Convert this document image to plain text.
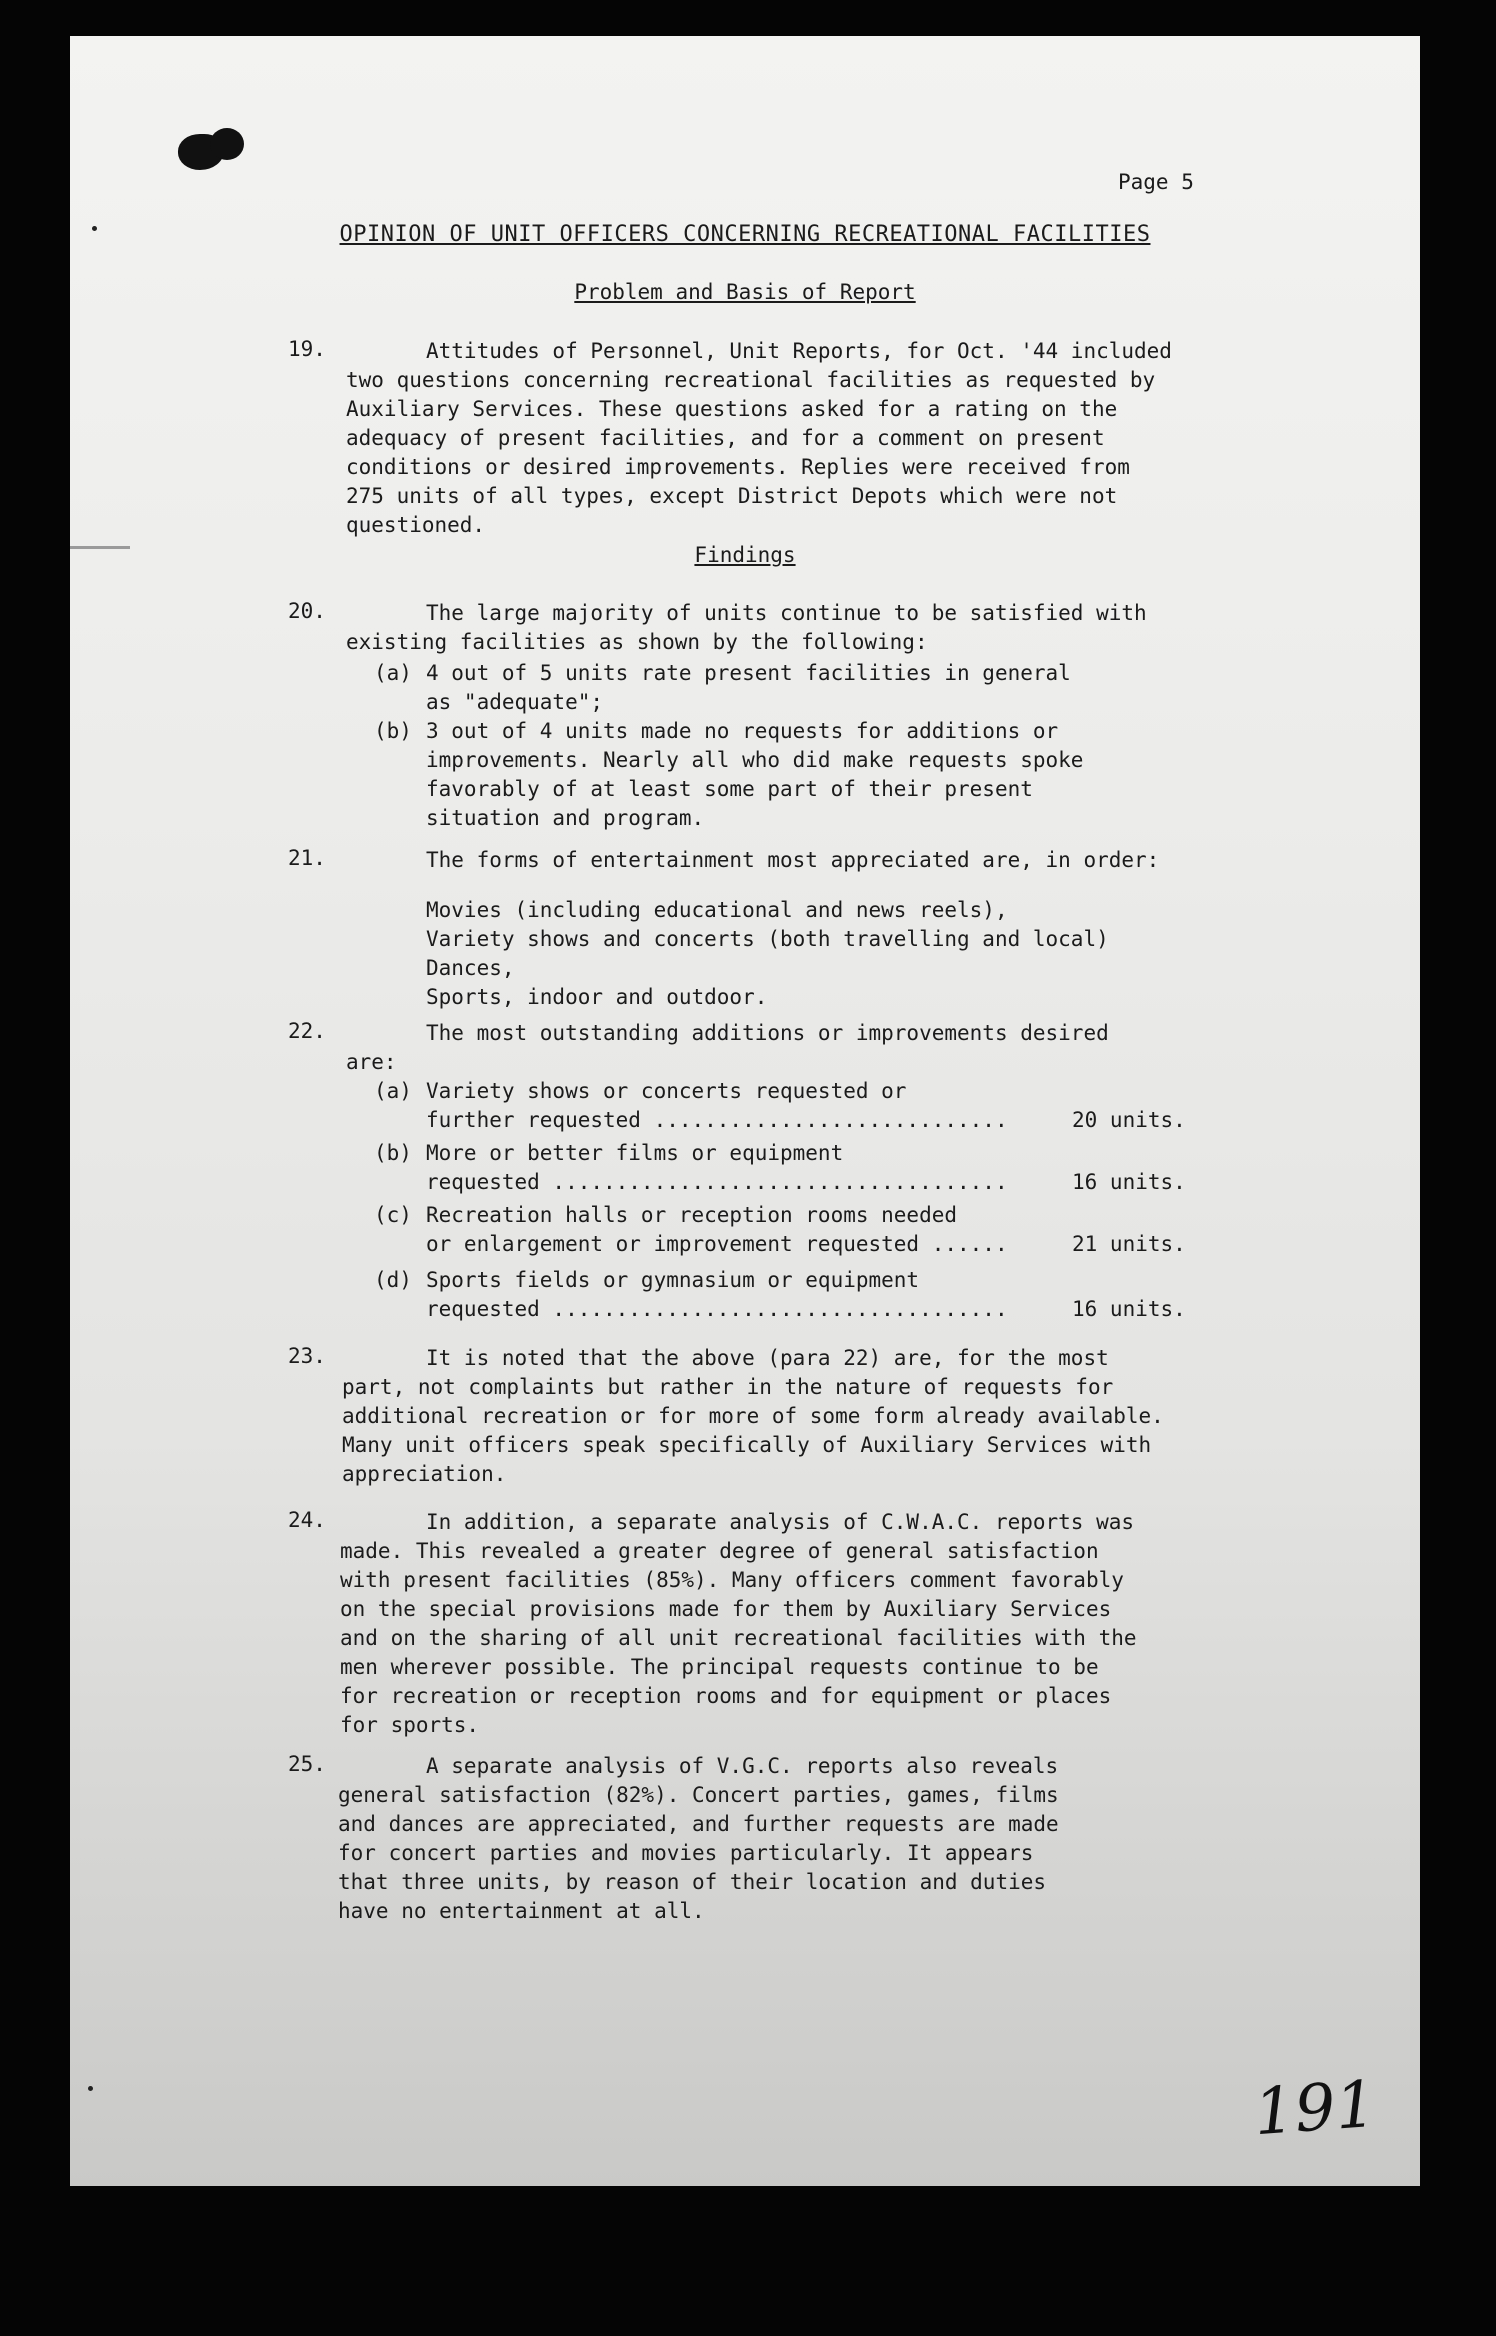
Page 5
OPINION OF UNIT OFFICERS CONCERNING RECREATIONAL FACILITIES
Problem and Basis of Report
19.	Attitudes of Personnel, Unit Reports, for Oct. '44 included
two questions concerning recreational facilities as requested by
Auxiliary Services. These questions asked for a rating on the
adequacy of present facilities, and for a comment on present
conditions or desired improvements. Replies were received from
275 units of all types, except District Depots which were not
questioned.
Findings
20.	The large majority of units continue to be satisfied with
existing facilities as shown by the following:
(a) 4 out of 5 units rate present facilities in general
as "adequate";
(b) 3 out of 4 units made no requests for additions or
improvements. Nearly all who did make requests spoke
favorably of at least some part of their present
situation and program.
21.	The forms of entertainment most appreciated are, in order:
Movies (including educational and news reels),
Variety shows and concerts (both travelling and local)
Dances,
Sports, indoor and outdoor.
22.	The most outstanding additions or improvements desired
are:
(a) Variety shows or concerts requested or
further requested ............................	20 units.
(b) More or better films or equipment
requested ....................................	16 units.
(c) Recreation halls or reception rooms needed
or enlargement or improvement requested ......	21 units.
(d) Sports fields or gymnasium or equipment
requested ....................................	16 units.
23.	It is noted that the above (para 22) are, for the most
part, not complaints but rather in the nature of requests for
additional recreation or for more of some form already available.
Many unit officers speak specifically of Auxiliary Services with
appreciation.
24.	In addition, a separate analysis of C.W.A.C. reports was
made. This revealed a greater degree of general satisfaction
with present facilities (85%). Many officers comment favorably
on the special provisions made for them by Auxiliary Services
and on the sharing of all unit recreational facilities with the
men wherever possible. The principal requests continue to be
for recreation or reception rooms and for equipment or places
for sports.
25.	A separate analysis of V.G.C. reports also reveals
general satisfaction (82%). Concert parties, games, films
and dances are appreciated, and further requests are made
for concert parties and movies particularly. It appears
that three units, by reason of their location and duties
have no entertainment at all.
191
